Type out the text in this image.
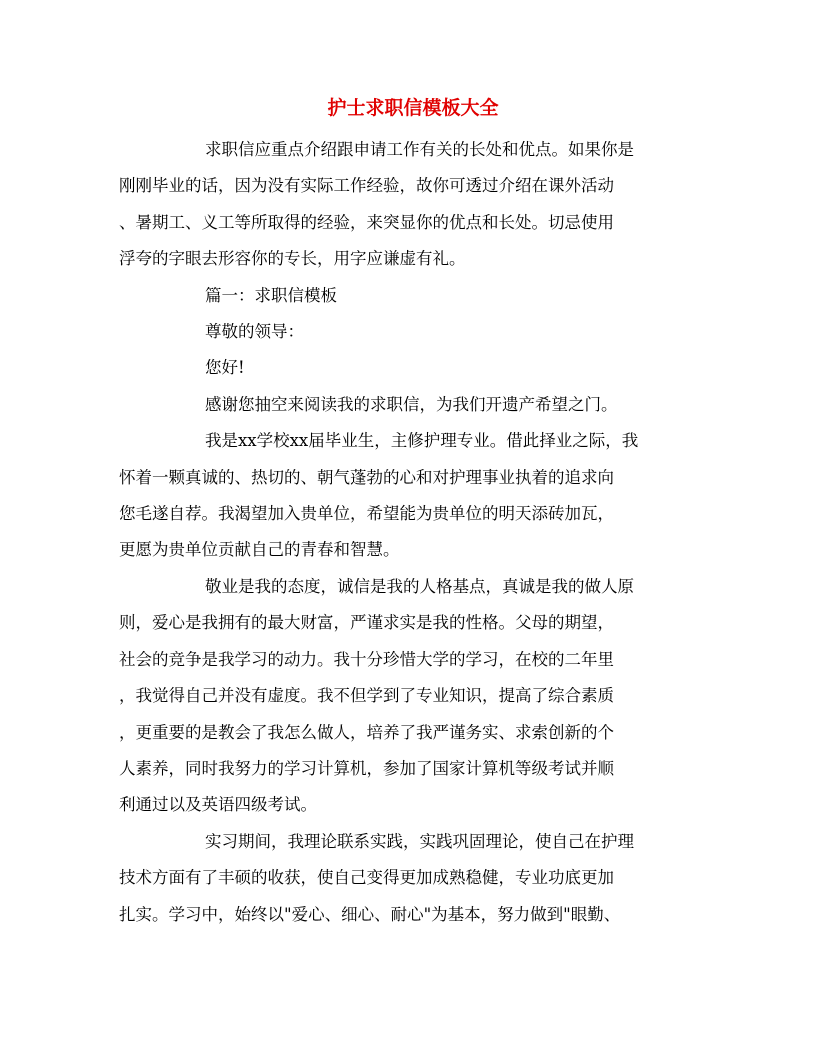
护士求职信模板大全

求职信应重点介绍跟申请工作有关的长处和优点。如果你是
刚刚毕业的话，因为没有实际工作经验，故你可透过介绍在课外活动
、暑期工、义工等所取得的经验，来突显你的优点和长处。切忌使用
浮夸的字眼去形容你的专长，用字应谦虚有礼。

篇一：求职信模板

尊敬的领导：

您好!

感谢您抽空来阅读我的求职信，为我们开遗产希望之门。

我是xx学校xx届毕业生，主修护理专业。借此择业之际，我
怀着一颗真诚的、热切的、朝气蓬勃的心和对护理事业执着的追求向
您毛遂自荐。我渴望加入贵单位，希望能为贵单位的明天添砖加瓦，
更愿为贵单位贡献自己的青春和智慧。

敬业是我的态度，诚信是我的人格基点，真诚是我的做人原
则，爱心是我拥有的最大财富，严谨求实是我的性格。父母的期望，
社会的竞争是我学习的动力。我十分珍惜大学的学习，在校的二年里
，我觉得自己并没有虚度。我不但学到了专业知识，提高了综合素质
，更重要的是教会了我怎么做人，培养了我严谨务实、求索创新的个
人素养，同时我努力的学习计算机，参加了国家计算机等级考试并顺
利通过以及英语四级考试。

实习期间，我理论联系实践，实践巩固理论，使自己在护理
技术方面有了丰硕的收获，使自己变得更加成熟稳健，专业功底更加
扎实。学习中，始终以"爱心、细心、耐心"为基本，努力做到"眼勤、
